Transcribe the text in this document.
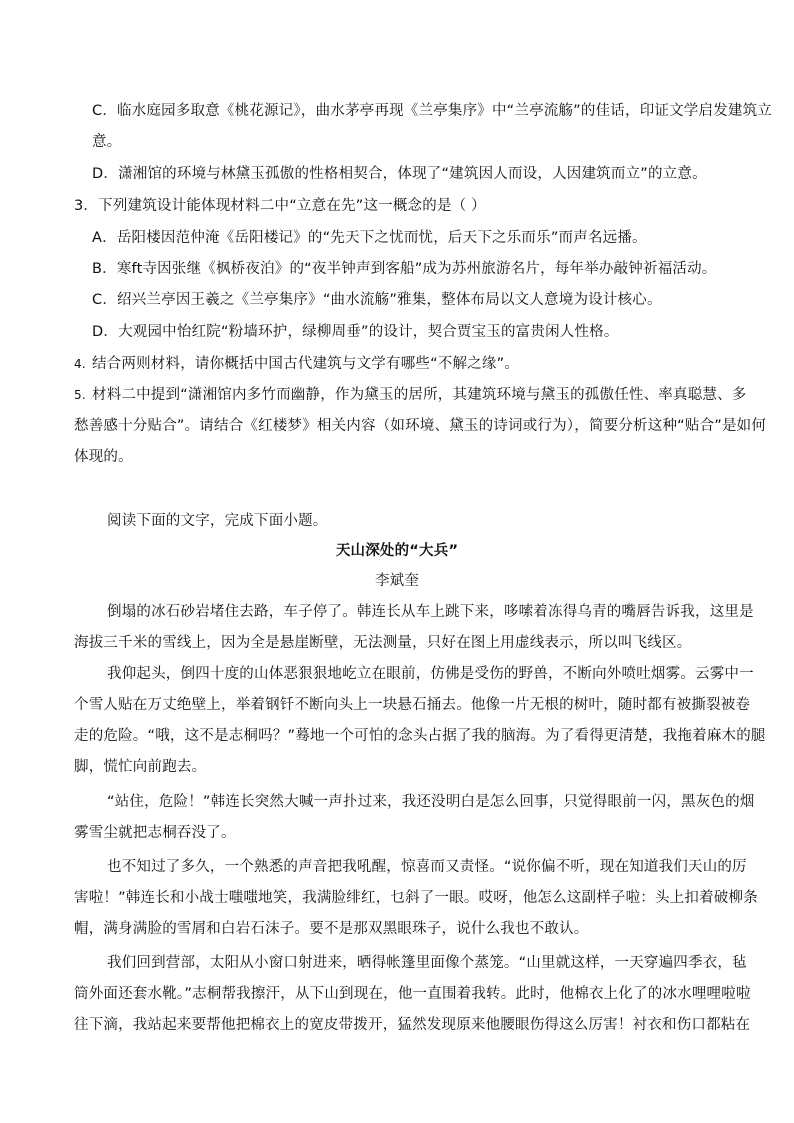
C．临水庭园多取意《桃花源记》，曲水茅亭再现《兰亭集序》中“兰亭流觞”的佳话，印证文学启发建筑立
意。
D．潇湘馆的环境与林黛玉孤傲的性格相契合，体现了“建筑因人而设，人因建筑而立”的立意。
3．下列建筑设计能体现材料二中“立意在先”这一概念的是（ ）
A．岳阳楼因范仲淹《岳阳楼记》的“先天下之忧而忧，后天下之乐而乐”而声名远播。
B．寒ft寺因张继《枫桥夜泊》的“夜半钟声到客船”成为苏州旅游名片，每年举办敲钟祈福活动。
C．绍兴兰亭因王羲之《兰亭集序》“曲水流觞”雅集，整体布局以文人意境为设计核心。
D．大观园中怡红院“粉墙环护，绿柳周垂”的设计，契合贾宝玉的富贵闲人性格。
4. 结合两则材料，请你概括中国古代建筑与文学有哪些“不解之缘”。
5. 材料二中提到“潇湘馆内多竹而幽静，作为黛玉的居所，其建筑环境与黛玉的孤傲任性、率真聪慧、多
愁善感十分贴合”。请结合《红楼梦》相关内容（如环境、黛玉的诗词或行为），简要分析这种“贴合”是如何
体现的。
阅读下面的文字，完成下面小题。
天山深处的“大兵”
李斌奎
倒塌的冰石砂岩堵住去路，车子停了。韩连长从车上跳下来，哆嗦着冻得乌青的嘴唇告诉我，这里是
海拔三千米的雪线上，因为全是悬崖断壁，无法测量，只好在图上用虚线表示，所以叫飞线区。
我仰起头，倒四十度的山体恶狠狠地屹立在眼前，仿佛是受伤的野兽，不断向外喷吐烟雾。云雾中一
个雪人贴在万丈绝壁上，举着钢钎不断向头上一块悬石捅去。他像一片无根的树叶，随时都有被撕裂被卷
走的危险。“哦，这不是志桐吗？”蓦地一个可怕的念头占据了我的脑海。为了看得更清楚，我拖着麻木的腿
脚，慌忙向前跑去。
“站住，危险！”韩连长突然大喊一声扑过来，我还没明白是怎么回事，只觉得眼前一闪，黑灰色的烟
雾雪尘就把志桐吞没了。
也不知过了多久，一个熟悉的声音把我吼醒，惊喜而又责怪。“说你偏不听，现在知道我们天山的厉
害啦！”韩连长和小战士嗤嗤地笑，我满脸绯红，乜斜了一眼。哎呀，他怎么这副样子啦：头上扣着破柳条
帽，满身满脸的雪屑和白岩石沫子。要不是那双黑眼珠子，说什么我也不敢认。
我们回到营部，太阳从小窗口射进来，晒得帐篷里面像个蒸笼。“山里就这样，一天穿遍四季衣，毡
筒外面还套水靴。”志桐帮我擦汗，从下山到现在，他一直围着我转。此时，他棉衣上化了的冰水哩哩啦啦
往下滴，我站起来要帮他把棉衣上的宽皮带拨开，猛然发现原来他腰眼伤得这么厉害！衬衣和伤口都粘在
